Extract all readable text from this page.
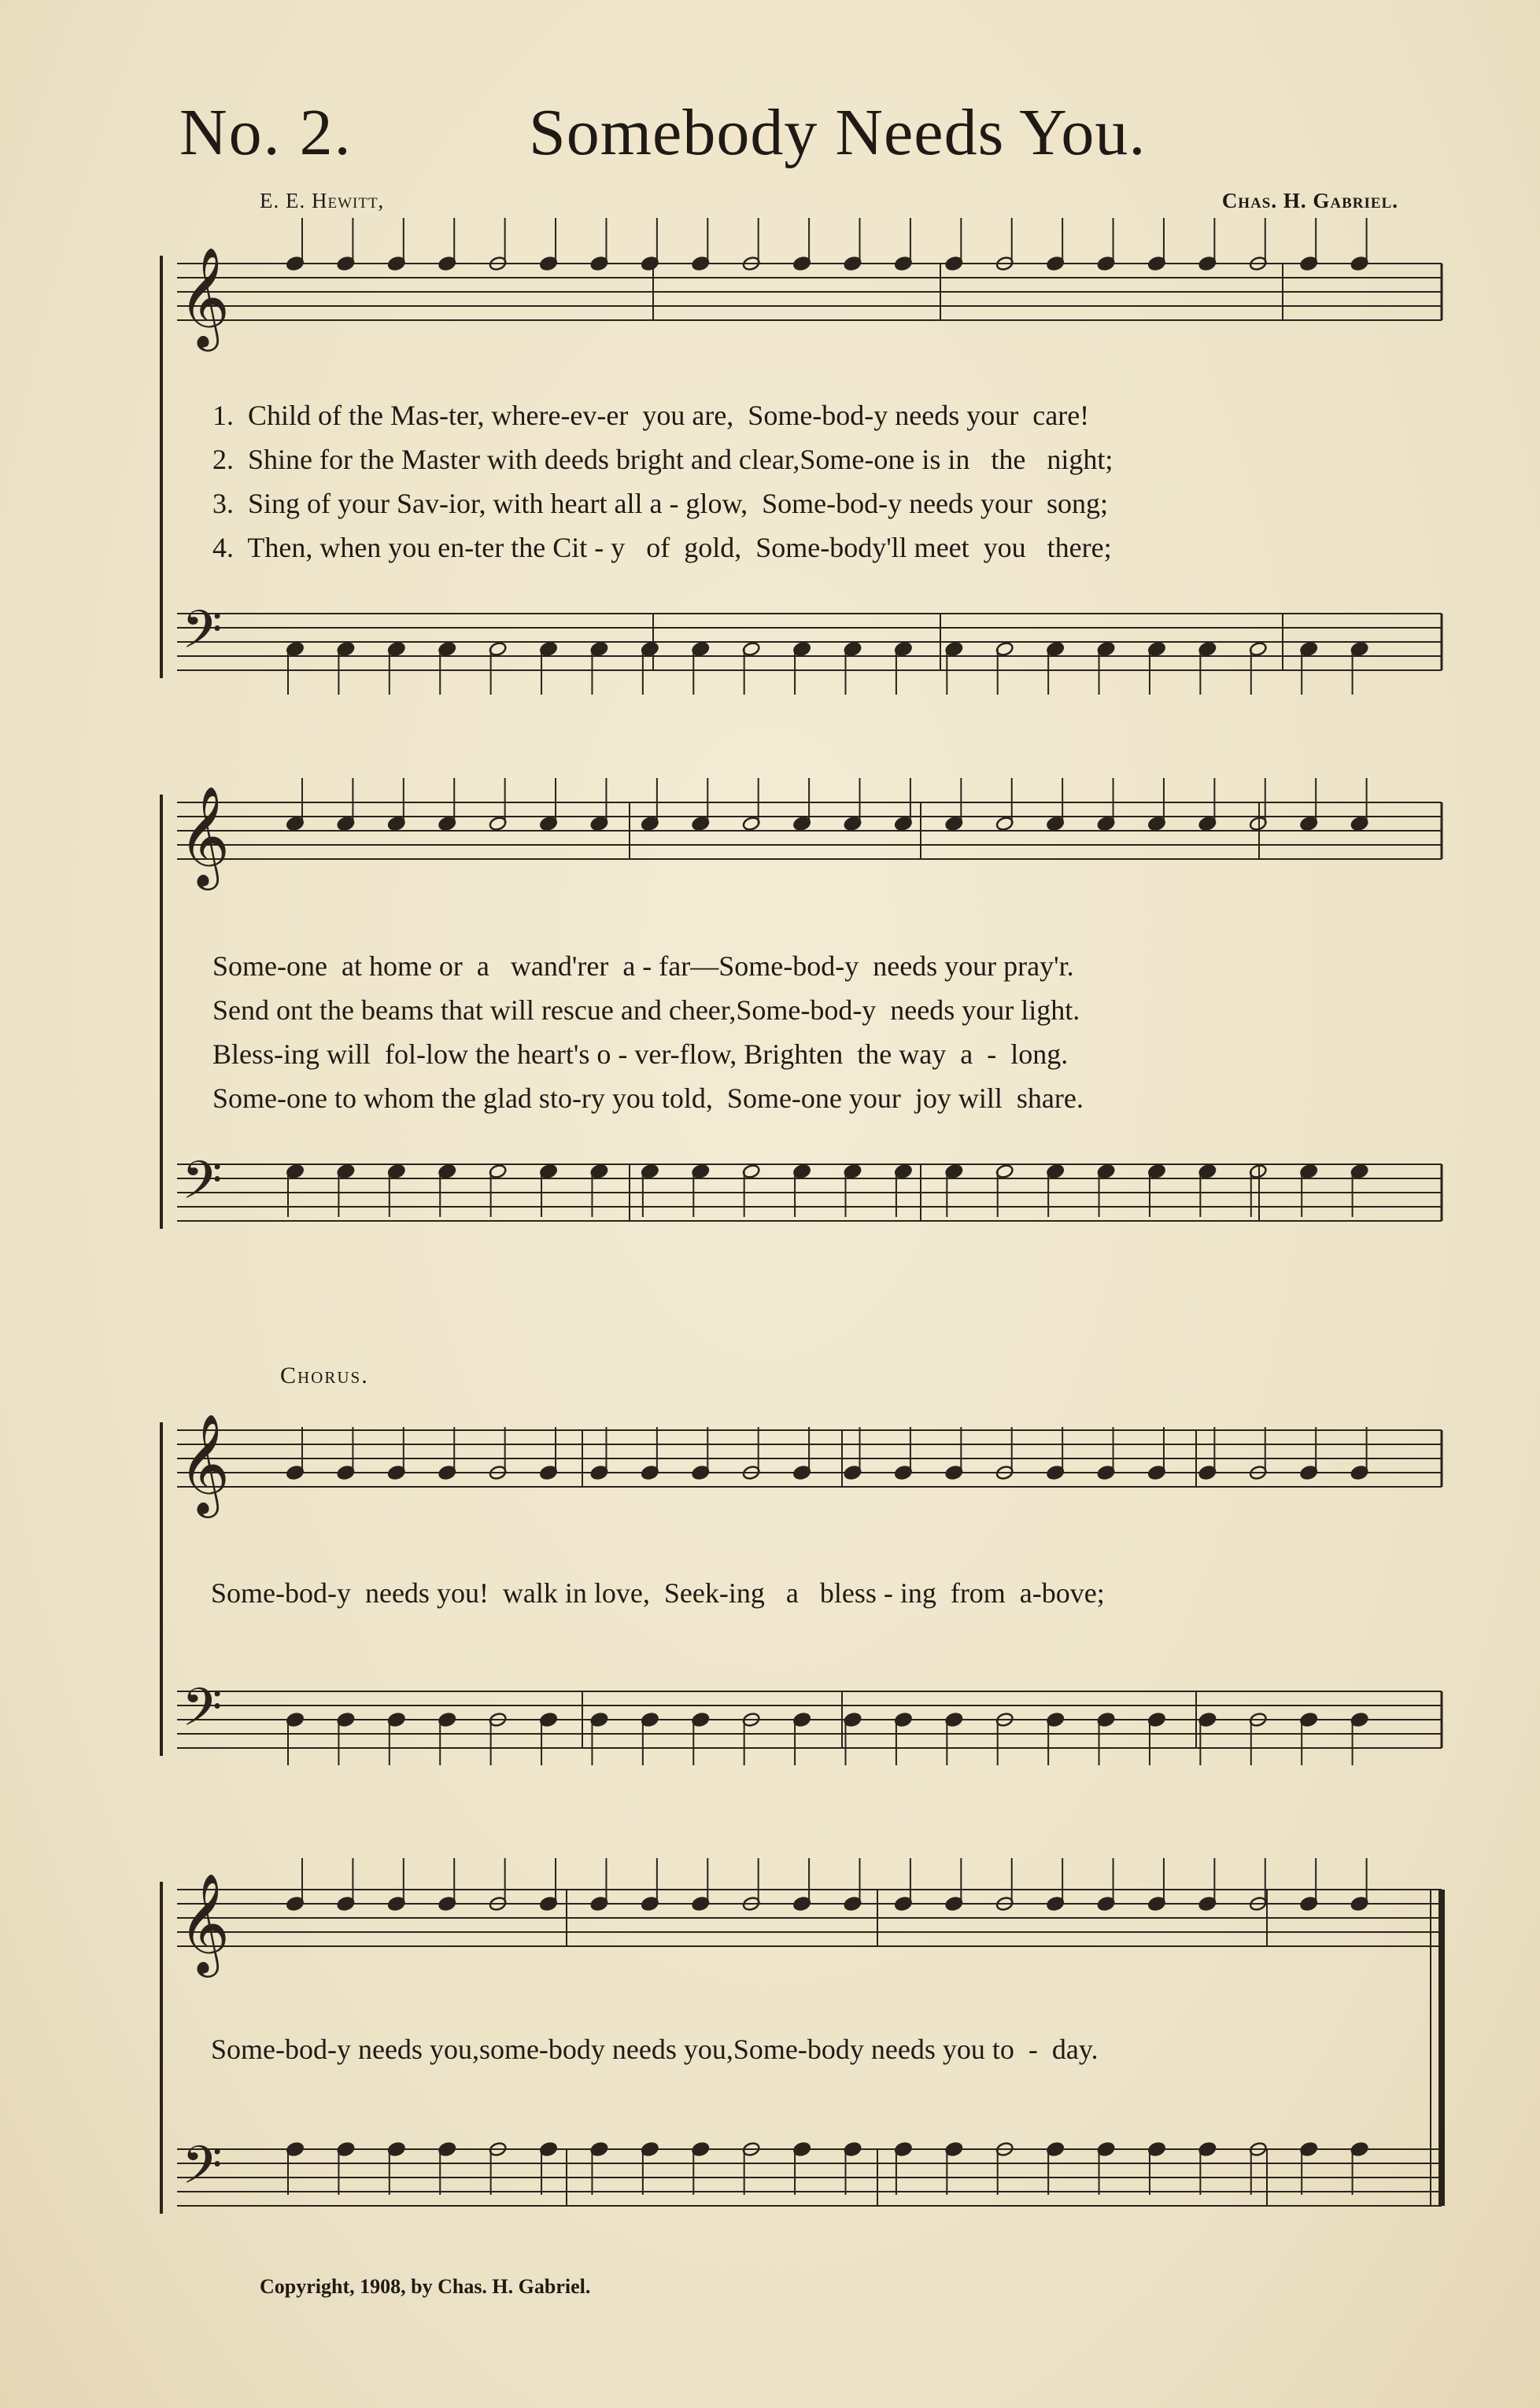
No. 2.	Somebody Needs You.
E. E. Hewitt,	Chas. H. Gabriel.
𝄞
𝄢
𝄞
𝄢
𝄞
𝄢
𝄞
𝄢
1.  Child of the Mas-ter, where-ev-er  you are,  Some-bod-y needs your  care!
2.  Shine for the Master with deeds bright and clear,Some-one is in   the   night;
3.  Sing of your Sav-ior, with heart all a - glow,  Some-bod-y needs your  song;
4.  Then, when you en-ter the Cit - y   of  gold,  Some-body'll meet  you   there;
Some-one  at home or  a   wand'rer  a - far—Some-bod-y  needs your pray'r.
Send ont the beams that will rescue and cheer,Some-bod-y  needs your light.
Bless-ing will  fol-low the heart's o - ver-flow, Brighten  the way  a  -  long.
Some-one to whom the glad sto-ry you told,  Some-one your  joy will  share.
Chorus.
Some-bod-y  needs you!  walk in love,  Seek-ing   a   bless - ing  from  a-bove;
Some-bod-y needs you,some-body needs you,Some-body needs you to  -  day.
Copyright, 1908, by Chas. H. Gabriel.
